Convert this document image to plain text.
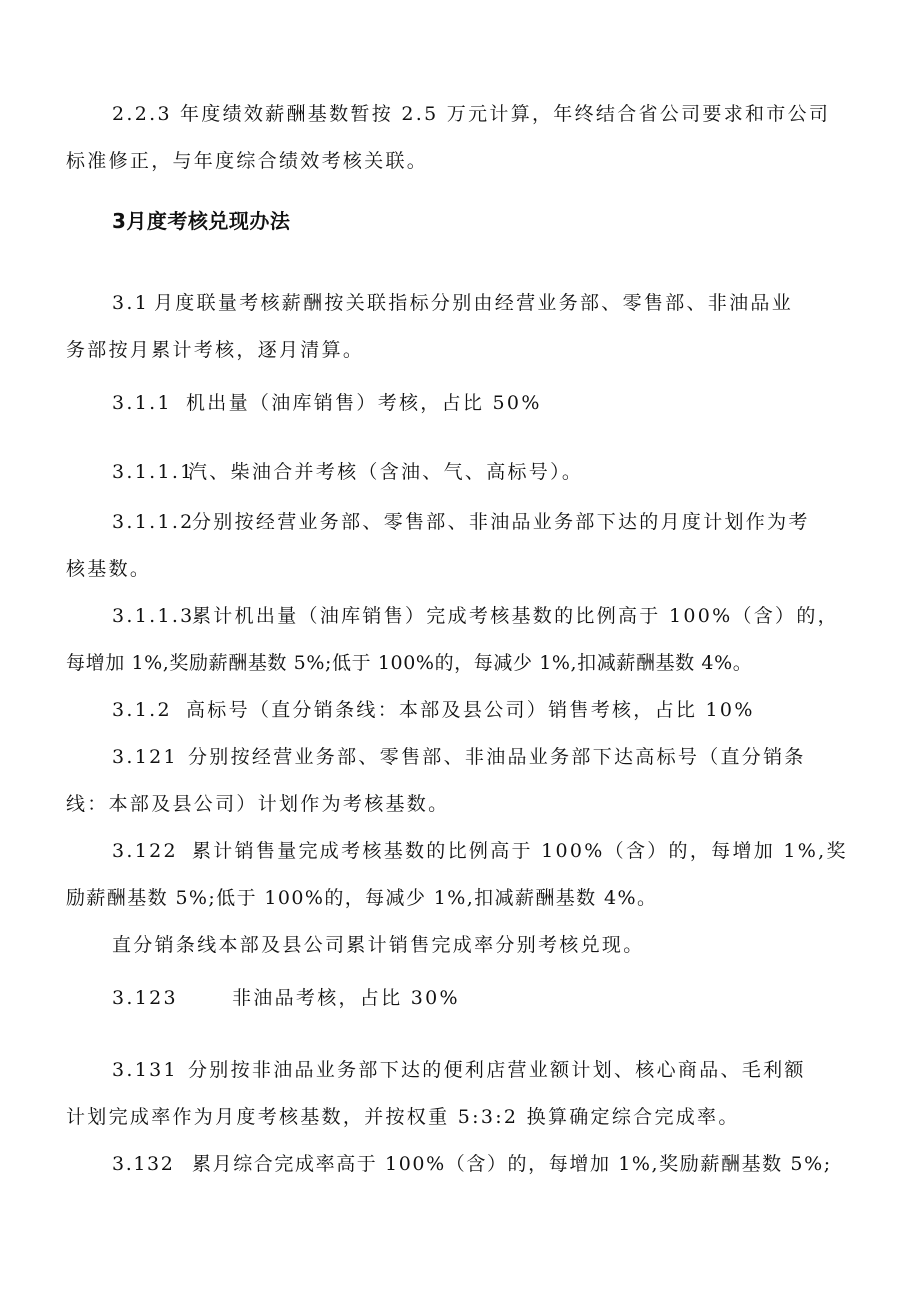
2.2.3 年度绩效薪酬基数暂按 2.5 万元计算，年终结合省公司要求和市公司
标准修正，与年度综合绩效考核关联。
3月度考核兑现办法
3.1 月度联量考核薪酬按关联指标分别由经营业务部、零售部、非油品业
务部按月累计考核，逐月清算。
3.1.1 机出量（油库销售）考核，占比 50%
3.1.1.1汽、柴油合并考核（含油、气、高标号）。
3.1.1.2分别按经营业务部、零售部、非油品业务部下达的月度计划作为考
核基数。
3.1.1.3累计机出量（油库销售）完成考核基数的比例高于 100%（含）的，
每增加 1%,奖励薪酬基数 5%;低于 100%的，每减少 1%,扣减薪酬基数 4%。
3.1.2 高标号（直分销条线：本部及县公司）销售考核，占比 10%
3.121 分别按经营业务部、零售部、非油品业务部下达高标号（直分销条
线：本部及县公司）计划作为考核基数。
3.122 累计销售量完成考核基数的比例高于 100%（含）的，每增加 1%,奖
励薪酬基数 5%;低于 100%的，每减少 1%,扣减薪酬基数 4%。
直分销条线本部及县公司累计销售完成率分别考核兑现。
3.123	非油品考核，占比 30%
3.131 分别按非油品业务部下达的便利店营业额计划、核心商品、毛利额
计划完成率作为月度考核基数，并按权重 5:3:2 换算确定综合完成率。
3.132 累月综合完成率高于 100%（含）的，每增加 1%,奖励薪酬基数 5%;
